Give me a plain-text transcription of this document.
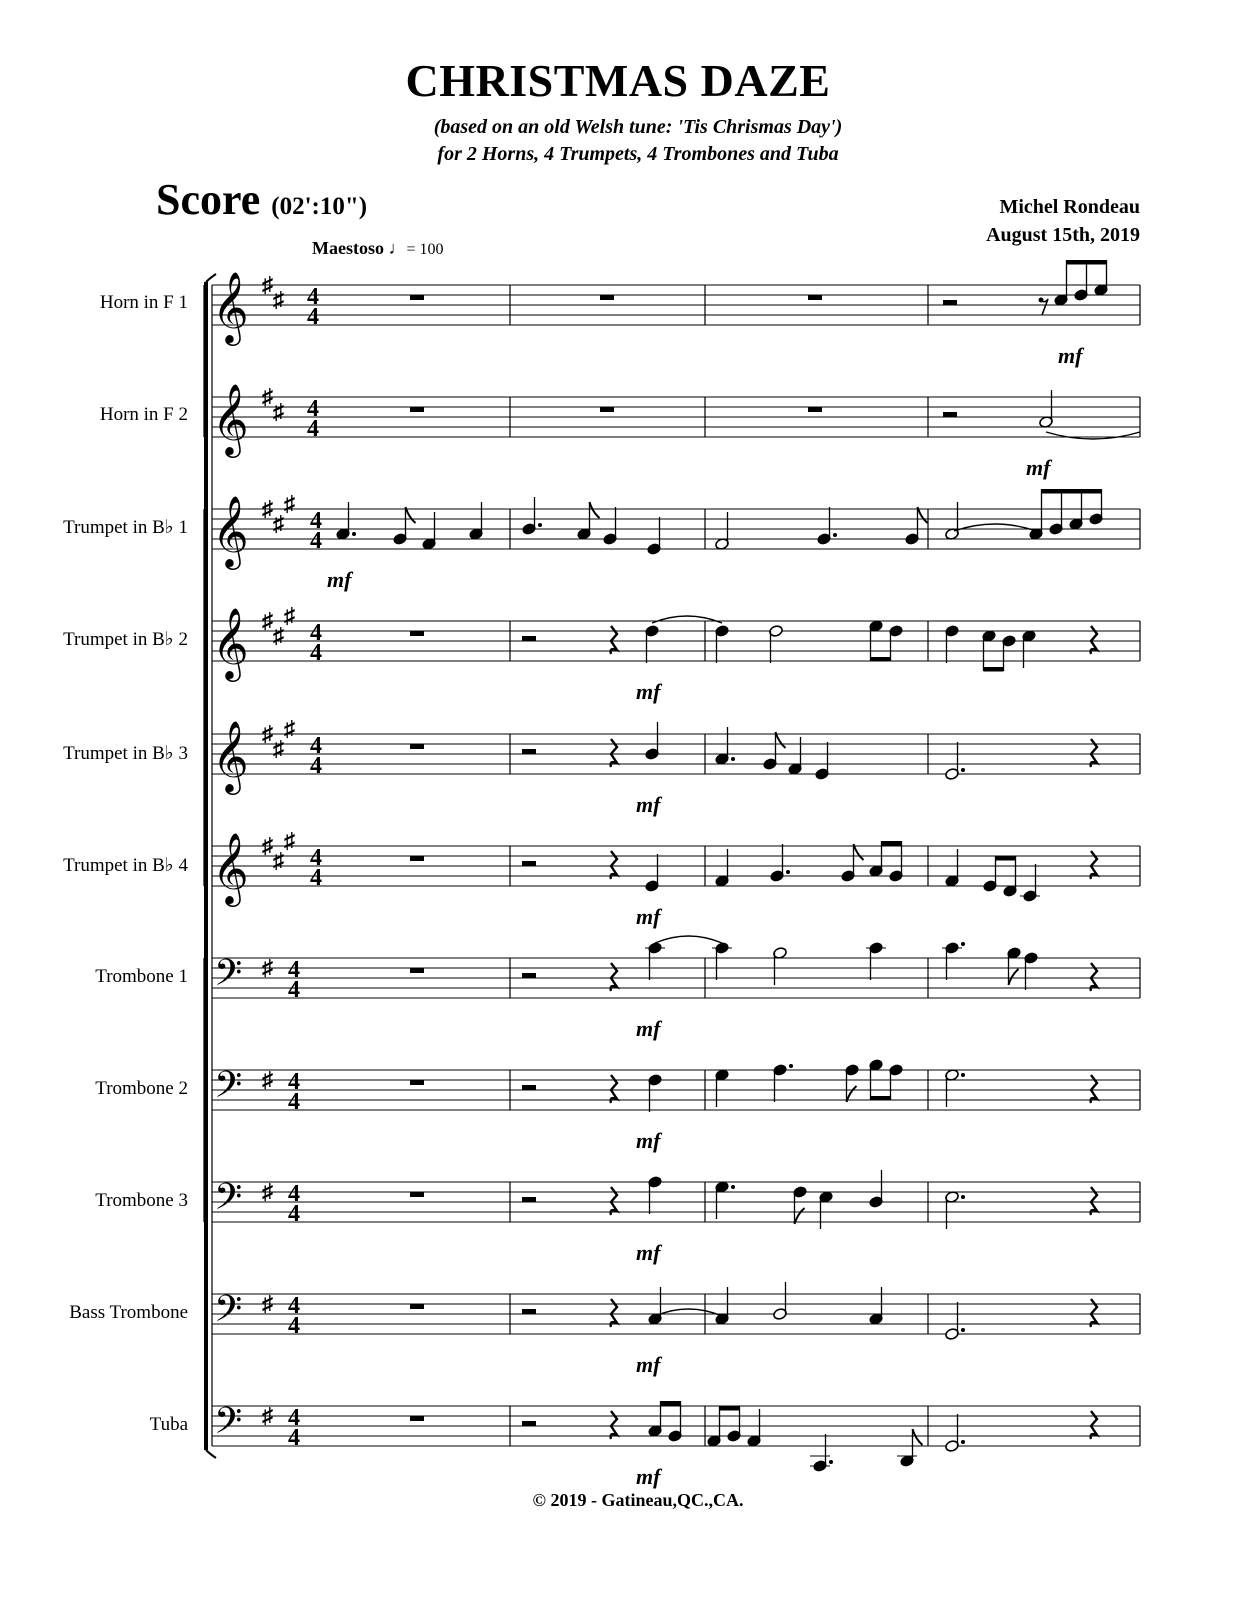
CHRISTMAS DAZE
(based on an old Welsh tune: 'Tis Chrismas Day')
for 2 Horns, 4 Trumpets, 4 Trombones and Tuba
Score (02':10")	Michel Rondeau
August 15th, 2019
Maestoso ♩= 100
Horn in F 1
Horn in F 2
Trumpet in B♭ 1
Trumpet in B♭ 2
Trumpet in B♭ 3
Trumpet in B♭ 4
Trombone 1
Trombone 2
Trombone 3
Bass Trombone
Tuba
𝄞 ♯
♯ 4
4
𝄞 ♯
♯ 4
4
𝄞 ♯
♯
♯
4
4
𝄞 ♯
♯
♯
4
4
𝄞 ♯
♯
♯
4
4
𝄞 ♯
♯
♯
4
4
𝄢 ♯ 4
4
𝄢 ♯ 4
4
𝄢 ♯ 4
4
𝄢 ♯ 4
4
𝄢 ♯ 4
4
mf
mf
mf
mf
mf
mf
mf
mf
mf
mf
mf
© 2019 - Gatineau,QC.,CA.
